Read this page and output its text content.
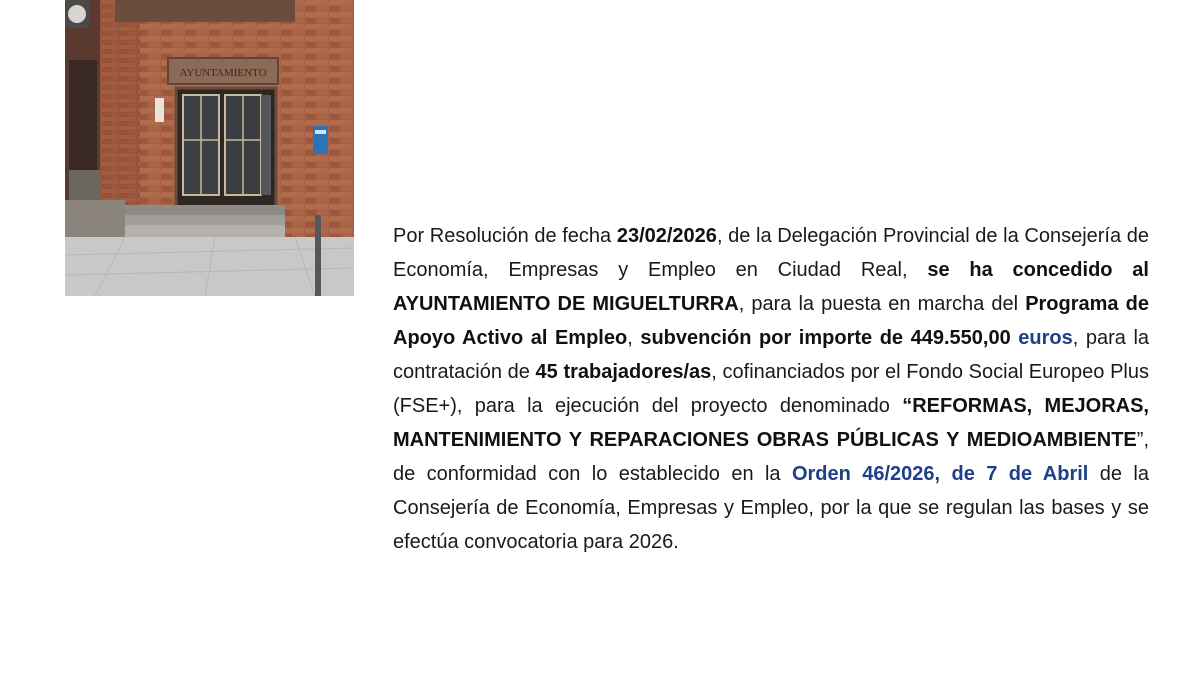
AYUNTAMIENTO

Por Resolución de fecha 23/02/2026, de la Delegación Provincial de la Consejería de Economía, Empresas y Empleo en Ciudad Real, se ha concedido al AYUNTAMIENTO DE MIGUELTURRA, para la puesta en marcha del Programa de Apoyo Activo al Empleo, subvención por importe de 449.550,00 euros, para la contratación de 45 trabajadores/as, cofinanciados por el Fondo Social Europeo Plus (FSE+), para la ejecución del proyecto denominado “REFORMAS, MEJORAS, MANTENIMIENTO Y REPARACIONES OBRAS PÚBLICAS Y MEDIOAMBIENTE”, de conformidad con lo establecido en la Orden 46/2026, de 7 de Abril de la Consejería de Economía, Empresas y Empleo, por la que se regulan las bases y se efectúa convocatoria para 2026.
